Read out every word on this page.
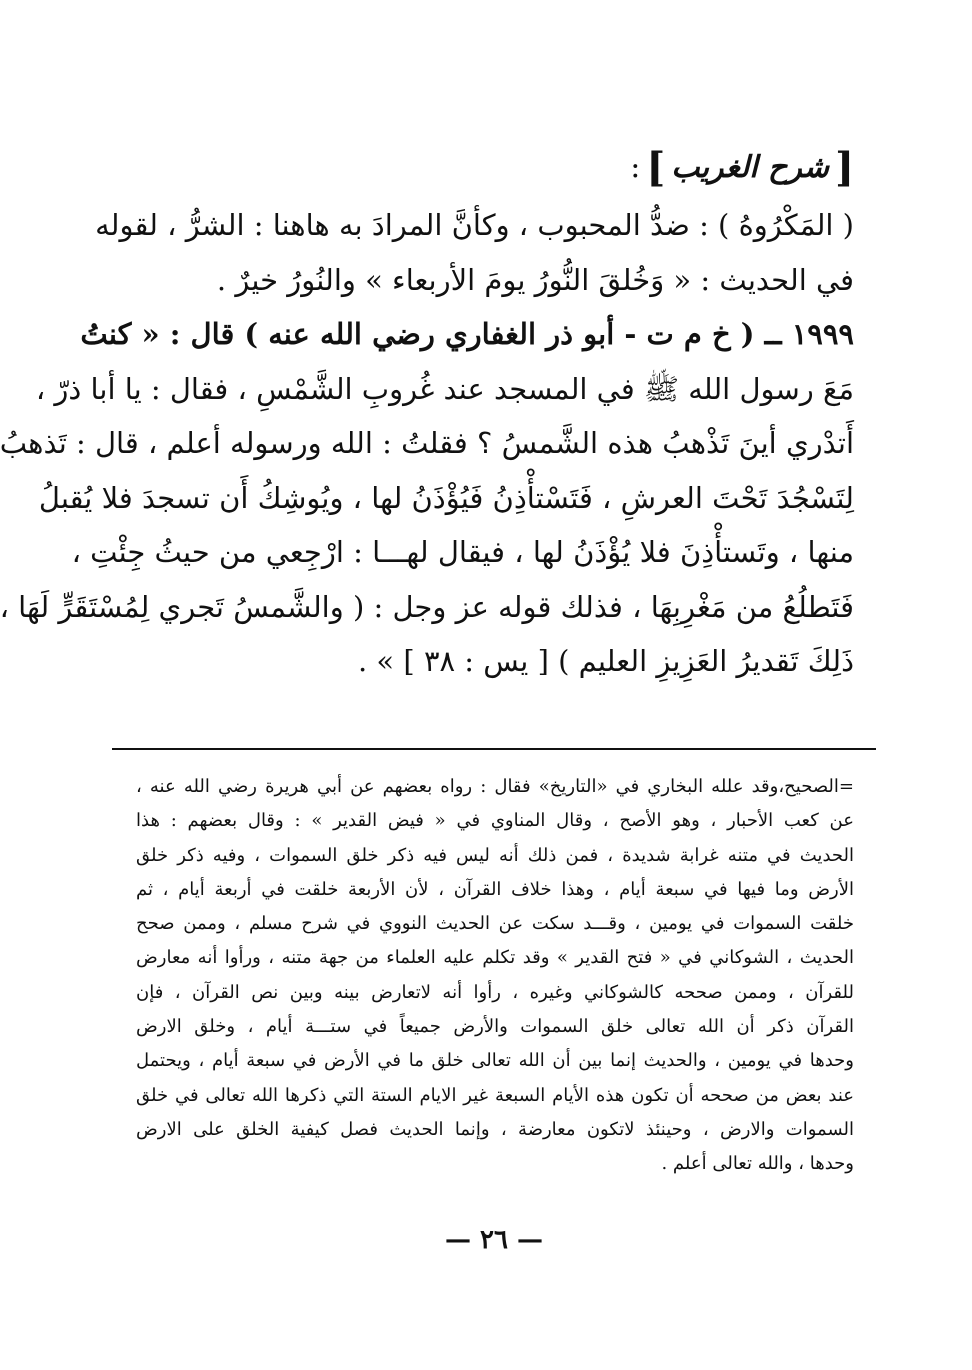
[
شرح الغريب
]
:
( المَكْرُوهُ ) : ضدُّ المحبوب ، وكأنَّ المرادَ به هاهنا : الشرُّ ، لقوله
في الحديث : « وَخُلقَ النُّورُ يومَ الأربعاء » والنُورُ خيرٌ .
١٩٩٩ ــ ( خ م ت - أبو ذر الغفاري رضي الله عنه ) قال : « كنتُ
مَعَ رسول الله ﷺ في المسجد عند غُروبِ الشَّمْسِ ، فقال : يا أبا ذرّ ،
أَتدْري أينَ تَذْهبُ هذه الشَّمسُ ؟ فقلتُ : الله ورسوله أعلم ، قال : تَذهبُ
لِتَسْجُدَ تَحْتَ العرشِ ، فَتَسْتأْذِنُ فَيُؤْذَنُ لها ، ويُوشِكُ أَن تسجدَ فلا يُقبلُ
منها ، وتَستأْذِنَ فلا يُؤْذَنُ لها ، فيقال لهـــا : ارْجِعي من حيثُ جِئْتِ ،
فَتَطلُعُ من مَغْرِبِهَا ، فذلك قوله عز وجل : ( والشَّمسُ تَجري لِمُسْتَقَرٍّ لَهَا ،
ذَلِكَ تَقديرُ العَزِيزِ العليم ) [ يس : ٣٨ ] » .
=الصحيح،وقد علله البخاري في «التاريخ» فقال : رواه بعضهم عن أبي هريرة رضي الله عنه ،
عن كعب الأحبار ، وهو الأصح ، وقال المناوي في « فيض القدير » : وقال بعضهم : هذا
الحديث في متنه غرابة شديدة ، فمن ذلك أنه ليس فيه ذكر خلق السموات ، وفيه ذكر خلق
الأرض وما فيها في سبعة أيام ، وهذا خلاف القرآن ، لأن الأربعة خلقت في أربعة أيام ، ثم
خلقت السموات في يومين ، وقـــد سكت عن الحديث النووي في شرح مسلم ، وممن صحح
الحديث ، الشوكاني في « فتح القدير » وقد تكلم عليه العلماء من جهة متنه ، ورأوا أنه معارض
للقرآن ، وممن صححه كالشوكاني وغيره ، رأوا أنه لاتعارض بينه وبين نص القرآن ، فإن
القرآن ذكر أن الله تعالى خلق السموات والأرض جميعاً في ستـــة أيام ، وخلق الارض
وحدها في يومين ، والحديث إنما بين أن الله تعالى خلق ما في الأرض في سبعة أيام ، ويحتمل
عند بعض من صححه أن تكون هذه الأيام السبعة غير الايام الستة التي ذكرها الله تعالى في خلق
السموات والارض ، وحينئذ لاتكون معارضة ، وإنما الحديث فصل كيفية الخلق على الارض
وحدها ، والله تعالى أعلم .
— ٢٦ —
